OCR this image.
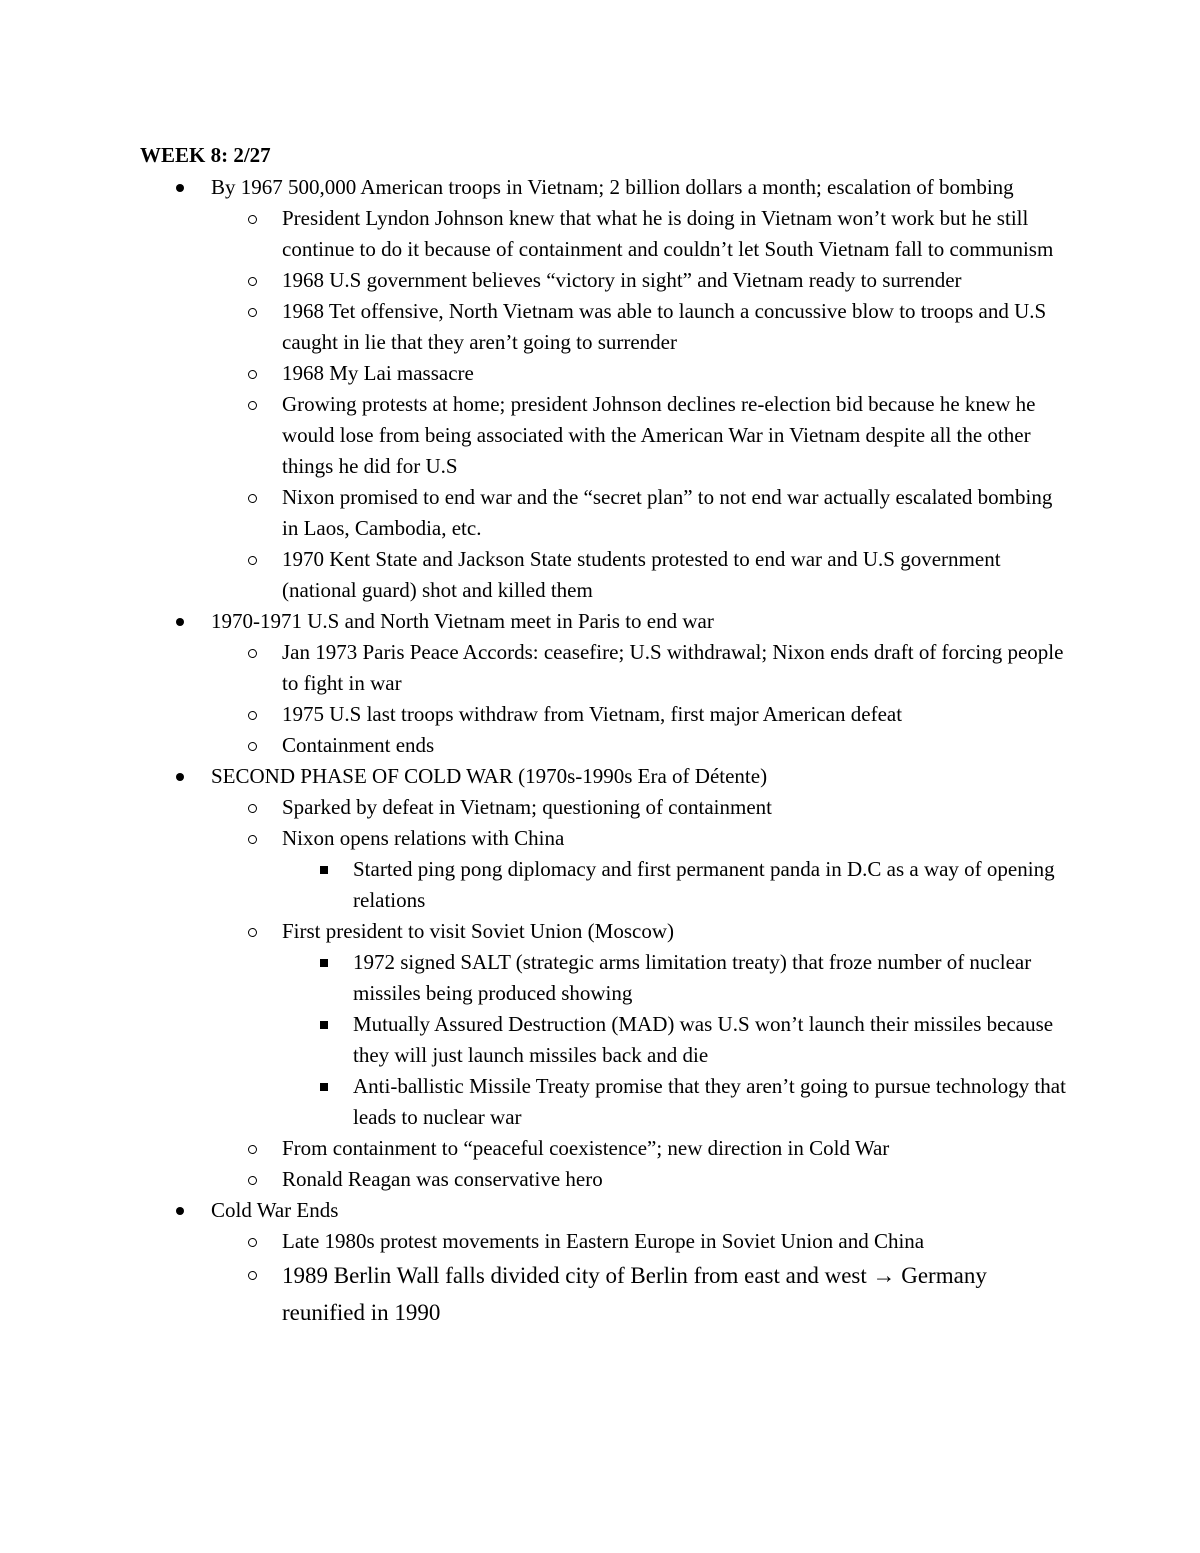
WEEK 8: 2/27
By 1967 500,000 American troops in Vietnam; 2 billion dollars a month; escalation of bombing
President Lyndon Johnson knew that what he is doing in Vietnam won’t work but he still continue to do it because of containment and couldn’t let South Vietnam fall to communism
1968 U.S government believes “victory in sight” and Vietnam ready to surrender
1968 Tet offensive, North Vietnam was able to launch a concussive blow to troops and U.S caught in lie that they aren’t going to surrender
1968 My Lai massacre
Growing protests at home; president Johnson declines re-election bid because he knew he would lose from being associated with the American War in Vietnam despite all the other things he did for U.S
Nixon promised to end war and the “secret plan” to not end war actually escalated bombing in Laos, Cambodia, etc.
1970 Kent State and Jackson State students protested to end war and U.S government (national guard) shot and killed them
1970-1971 U.S and North Vietnam meet in Paris to end war
Jan 1973 Paris Peace Accords: ceasefire; U.S withdrawal; Nixon ends draft of forcing people to fight in war
1975 U.S last troops withdraw from Vietnam, first major American defeat
Containment ends
SECOND PHASE OF COLD WAR (1970s-1990s Era of Détente)
Sparked by defeat in Vietnam; questioning of containment
Nixon opens relations with China
Started ping pong diplomacy and first permanent panda in D.C as a way of opening relations
First president to visit Soviet Union (Moscow)
1972 signed SALT (strategic arms limitation treaty) that froze number of nuclear missiles being produced showing
Mutually Assured Destruction (MAD) was U.S won’t launch their missiles because they will just launch missiles back and die
Anti-ballistic Missile Treaty promise that they aren’t going to pursue technology that leads to nuclear war
From containment to “peaceful coexistence”; new direction in Cold War
Ronald Reagan was conservative hero
Cold War Ends
Late 1980s protest movements in Eastern Europe in Soviet Union and China
1989 Berlin Wall falls divided city of Berlin from east and west → Germany reunified in 1990
